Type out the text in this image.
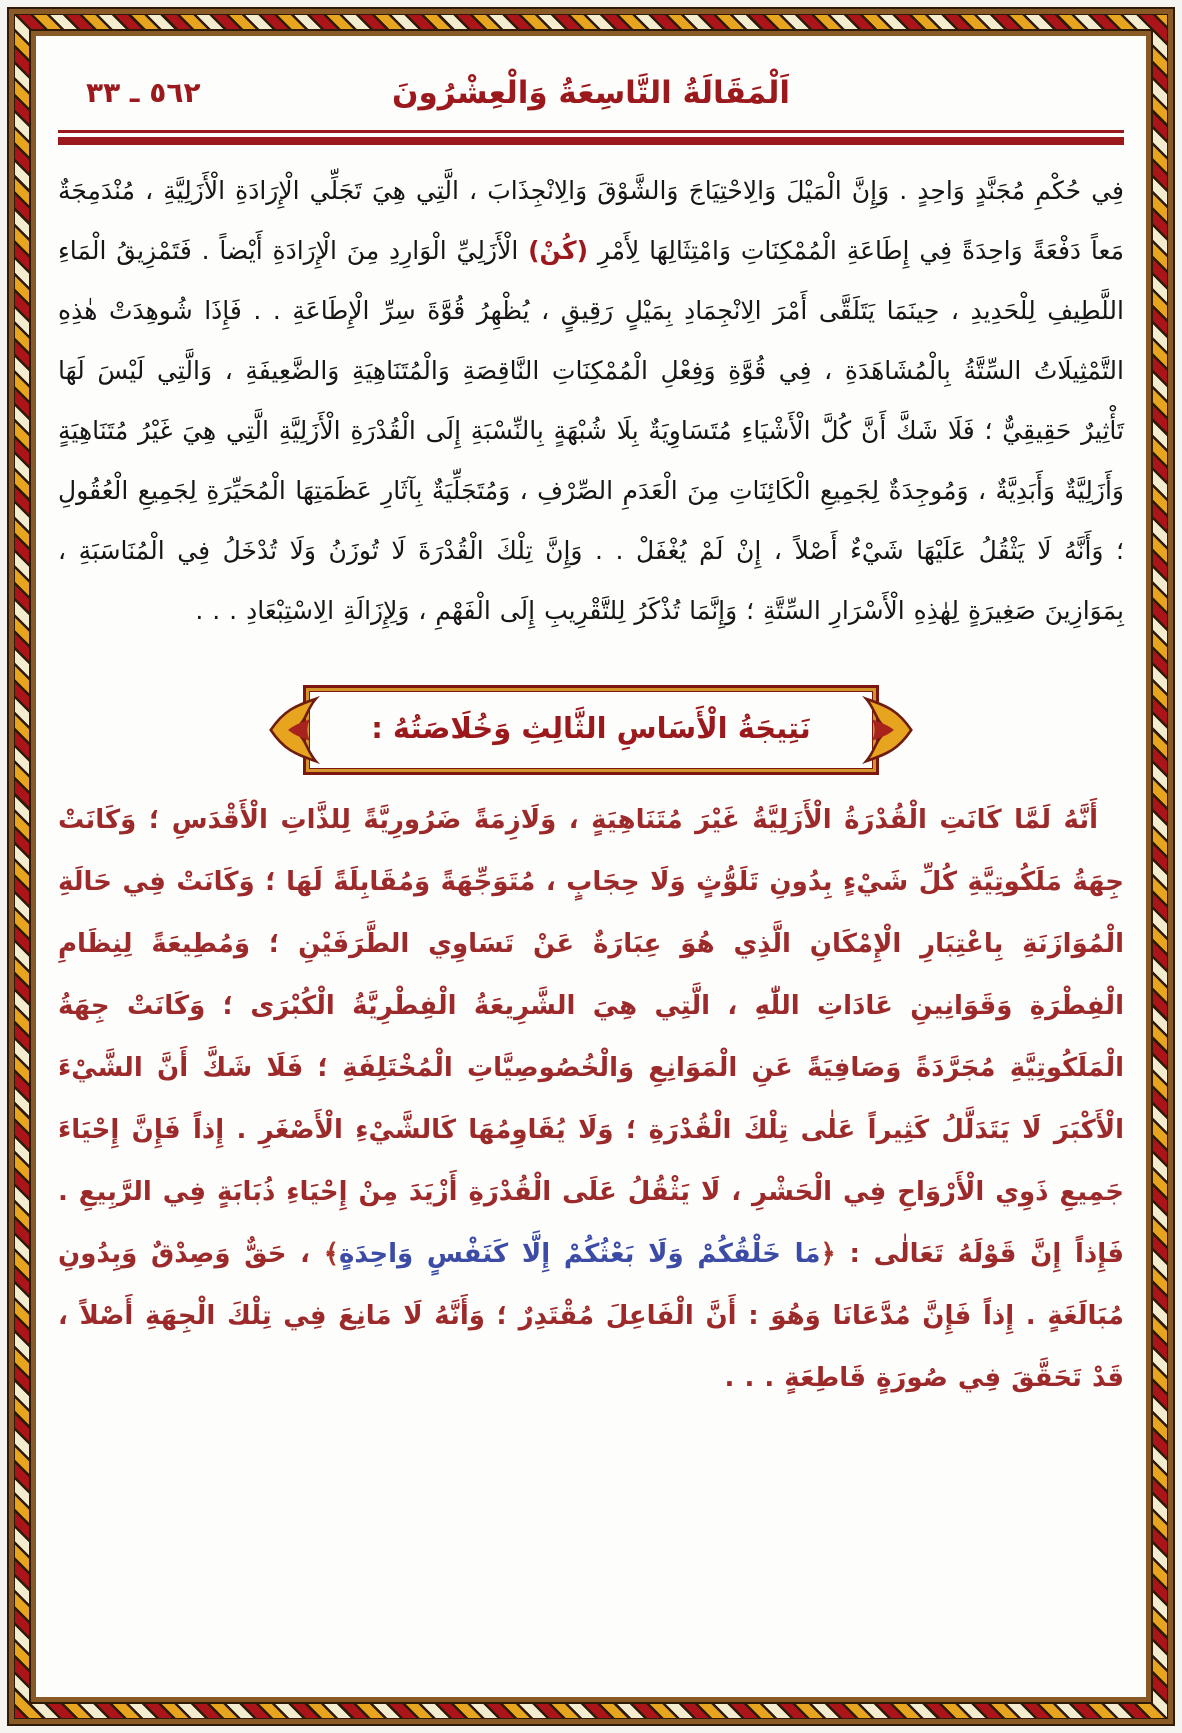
اَلْمَقَالَةُ التَّاسِعَةُ وَالْعِشْرُونَ
٥٦٢ ـ ٣٣

فِي حُكْمِ مُجَنَّدٍ وَاحِدٍ . وَإِنَّ الْمَيْلَ وَالِاحْتِيَاجَ وَالشَّوْقَ وَالِانْجِذَابَ ، الَّتِي هِيَ تَجَلِّي الْإِرَادَةِ الْأَزَلِيَّةِ ، مُنْدَمِجَةٌ مَعاً دَفْعَةً وَاحِدَةً فِي إِطَاعَةِ الْمُمْكِنَاتِ وَامْتِثَالِهَا لِأَمْرِ (كُنْ) الْأَزَلِيِّ الْوَارِدِ مِنَ الْإِرَادَةِ أَيْضاً . فَتَمْزِيقُ الْمَاءِ اللَّطِيفِ لِلْحَدِيدِ ، حِينَمَا يَتَلَقَّى أَمْرَ الِانْجِمَادِ بِمَيْلٍ رَقِيقٍ ، يُظْهِرُ قُوَّةَ سِرِّ الْإِطَاعَةِ . . فَإِذَا شُوهِدَتْ هٰذِهِ التَّمْثِيلَاتُ السِّتَّةُ بِالْمُشَاهَدَةِ ، فِي قُوَّةِ وَفِعْلِ الْمُمْكِنَاتِ النَّاقِصَةِ وَالْمُتَنَاهِيَةِ وَالضَّعِيفَةِ ، وَالَّتِي لَيْسَ لَهَا تَأْثِيرٌ حَقِيقِيٌّ ؛ فَلَا شَكَّ أَنَّ كُلَّ الْأَشْيَاءِ مُتَسَاوِيَةٌ بِلَا شُبْهَةٍ بِالنِّسْبَةِ إِلَى الْقُدْرَةِ الْأَزَلِيَّةِ الَّتِي هِيَ غَيْرُ مُتَنَاهِيَةٍ وَأَزَلِيَّةٌ وَأَبَدِيَّةٌ ، وَمُوجِدَةٌ لِجَمِيعِ الْكَائِنَاتِ مِنَ الْعَدَمِ الصِّرْفِ ، وَمُتَجَلِّيَةٌ بِآثَارِ عَظَمَتِهَا الْمُحَيِّرَةِ لِجَمِيعِ الْعُقُولِ ؛ وَأَنَّهُ لَا يَثْقُلُ عَلَيْهَا شَيْءٌ أَصْلاً ، إِنْ لَمْ يُغْفَلْ . . وَإِنَّ تِلْكَ الْقُدْرَةَ لَا تُوزَنُ وَلَا تُدْخَلُ فِي الْمُنَاسَبَةِ ، بِمَوَازِينَ صَغِيرَةٍ لِهٰذِهِ الْأَسْرَارِ السِّتَّةِ ؛ وَإِنَّمَا تُذْكَرُ لِلتَّقْرِيبِ إِلَى الْفَهْمِ ، وَلِإِزَالَةِ الِاسْتِبْعَادِ . . .

نَتِيجَةُ الْأَسَاسِ الثَّالِثِ وَخُلَاصَتُهُ :

أَنَّهُ لَمَّا كَانَتِ الْقُدْرَةُ الْأَزَلِيَّةُ غَيْرَ مُتَنَاهِيَةٍ ، وَلَازِمَةً ضَرُورِيَّةً لِلذَّاتِ الْأَقْدَسِ ؛ وَكَانَتْ جِهَةُ مَلَكُوتِيَّةِ كُلِّ شَيْءٍ بِدُونِ تَلَوُّثٍ وَلَا حِجَابٍ ، مُتَوَجِّهَةً وَمُقَابِلَةً لَهَا ؛ وَكَانَتْ فِي حَالَةِ الْمُوَازَنَةِ بِاعْتِبَارِ الْإِمْكَانِ الَّذِي هُوَ عِبَارَةٌ عَنْ تَسَاوِي الطَّرَفَيْنِ ؛ وَمُطِيعَةً لِنِظَامِ الْفِطْرَةِ وَقَوَانِينِ عَادَاتِ اللّٰهِ ، الَّتِي هِيَ الشَّرِيعَةُ الْفِطْرِيَّةُ الْكُبْرَى ؛ وَكَانَتْ جِهَةُ الْمَلَكُوتِيَّةِ مُجَرَّدَةً وَصَافِيَةً عَنِ الْمَوَانِعِ وَالْخُصُوصِيَّاتِ الْمُخْتَلِفَةِ ؛ فَلَا شَكَّ أَنَّ الشَّيْءَ الْأَكْبَرَ لَا يَتَدَلَّلُ كَثِيراً عَلٰى تِلْكَ الْقُدْرَةِ ؛ وَلَا يُقَاوِمُهَا كَالشَّيْءِ الْأَصْغَرِ . إِذاً فَإِنَّ إِحْيَاءَ جَمِيعِ ذَوِي الْأَرْوَاحِ فِي الْحَشْرِ ، لَا يَثْقُلُ عَلَى الْقُدْرَةِ أَزْيَدَ مِنْ إِحْيَاءِ ذُبَابَةٍ فِي الرَّبِيعِ . فَإِذاً إِنَّ قَوْلَهُ تَعَالٰى : ﴿مَا خَلْقُكُمْ وَلَا بَعْثُكُمْ إِلَّا كَنَفْسٍ وَاحِدَةٍ﴾ ، حَقٌّ وَصِدْقٌ وَبِدُونِ مُبَالَغَةٍ . إِذاً فَإِنَّ مُدَّعَانَا وَهُوَ : أَنَّ الْفَاعِلَ مُقْتَدِرٌ ؛ وَأَنَّهُ لَا مَانِعَ فِي تِلْكَ الْجِهَةِ أَصْلاً ، قَدْ تَحَقَّقَ فِي صُورَةٍ قَاطِعَةٍ . . .
